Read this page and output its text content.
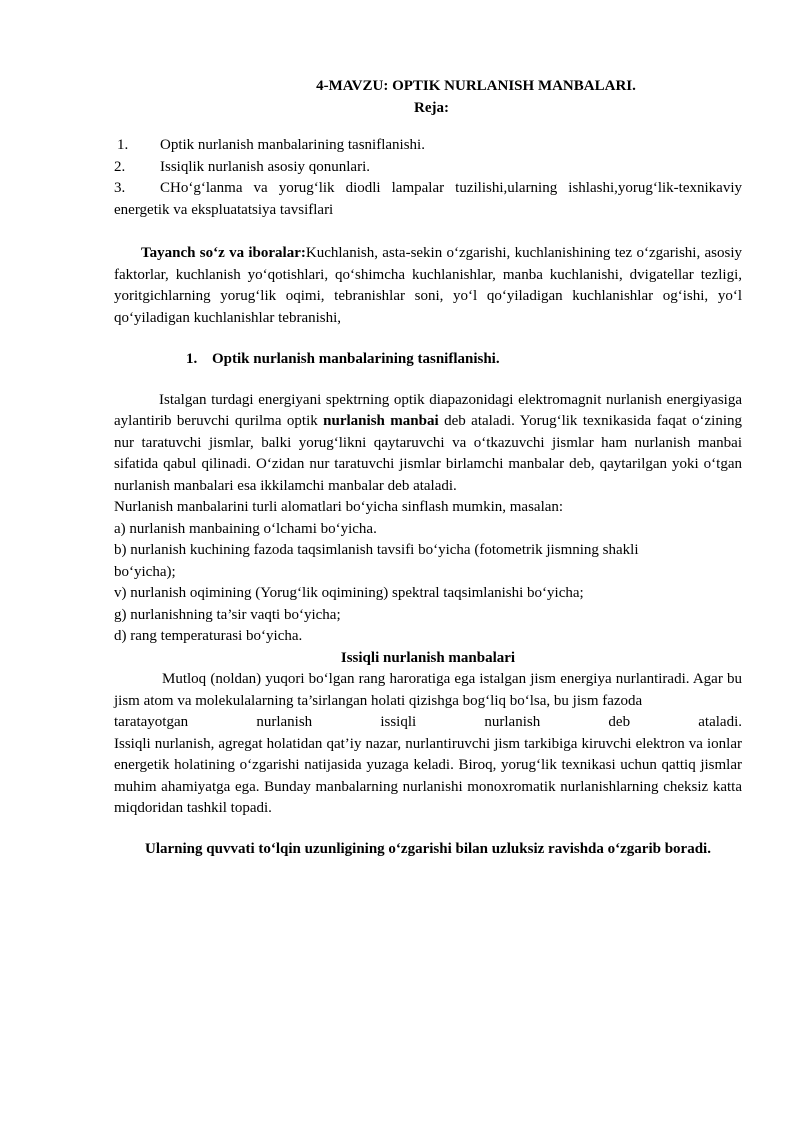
4-MAVZU: OPTIK NURLANISH MANBALARI.
Reja:
1. Optik nurlanish manbalarining tasniflanishi.
2. Issiqlik nurlanish asosiy qonunlari.
3. CHo‘g‘lanma va yorug‘lik diodli lampalar tuzilishi,ularning ishlashi,yorug‘lik-texnikaviy energetik va ekspluatatsiya tavsiflari
Tayanch so‘z va iboralar:Kuchlanish, asta-sekin o‘zgarishi, kuchlanishining tez o‘zgarishi, asosiy faktorlar, kuchlanish yo‘qotishlari, qo‘shimcha kuchlanishlar, manba kuchlanishi, dvigatellar tezligi, yoritgichlarning yorug‘lik oqimi, tebranishlar soni, yo‘l qo‘yiladigan kuchlanishlar og‘ishi, yo‘l qo‘yiladigan kuchlanishlar tebranishi,
1. Optik nurlanish manbalarining tasniflanishi.
Istalgan turdagi energiyani spektrning optik diapazonidagi elektromagnit nurlanish energiyasiga aylantirib beruvchi qurilma optik nurlanish manbai deb ataladi. Yorug‘lik texnikasida faqat o‘zining nur taratuvchi jismlar, balki yorug‘likni qaytaruvchi va o‘tkazuvchi jismlar ham nurlanish manbai sifatida qabul qilinadi. O‘zidan nur taratuvchi jismlar birlamchi manbalar deb, qaytarilgan yoki o‘tgan nurlanish manbalari esa ikkilamchi manbalar deb ataladi.
Nurlanish manbalarini turli alomatlari bo‘yicha sinflash mumkin, masalan:
a) nurlanish manbaining o‘lchami bo‘yicha.
b) nurlanish kuchining fazoda taqsimlanish tavsifi bo‘yicha (fotometrik jismning shakli
bo‘yicha);
v) nurlanish oqimining (Yorug‘lik oqimining) spektral taqsimlanishi bo‘yicha;
g) nurlanishning ta’sir vaqti bo‘yicha;
d) rang temperaturasi bo‘yicha.
Issiqli nurlanish manbalari
Mutloq (noldan) yuqori bo‘lgan rang haroratiga ega istalgan jism energiya nurlantiradi. Agar bu jism atom va molekulalarning ta’sirlangan holati qizishga bog‘liq bo‘lsa, bu jism fazoda
taratayotgan	nurlanish	issiqli	nurlanish	deb	ataladi.
Issiqli nurlanish, agregat holatidan qat’iy nazar, nurlantiruvchi jism tarkibiga kiruvchi elektron va ionlar energetik holatining o‘zgarishi natijasida yuzaga keladi. Biroq, yorug‘lik texnikasi uchun qattiq jismlar muhim ahamiyatga ega. Bunday manbalarning nurlanishi monoxromatik nurlanishlarning cheksiz katta miqdoridan tashkil topadi.
Ularning quvvati to‘lqin uzunligining o‘zgarishi bilan uzluksiz ravishda o‘zgarib boradi.
